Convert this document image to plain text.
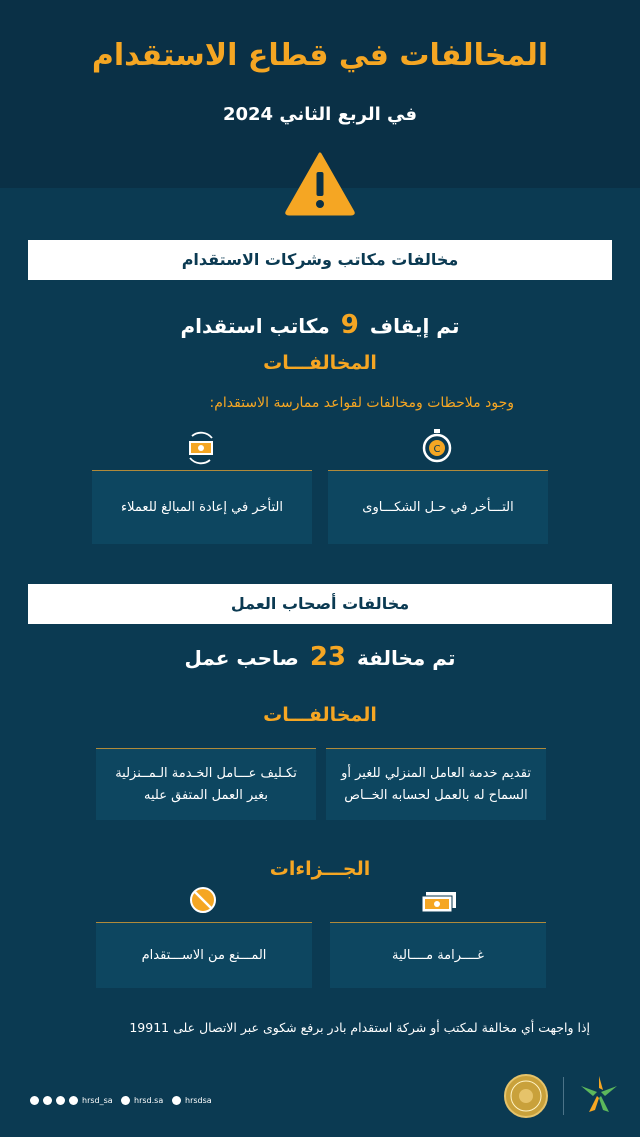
المخالفات في قطاع الاستقدام
في الربع الثاني 2024
مخالفات مكاتب وشركات الاستقدام
تم إيقاف 9 مكاتب استقدام
المخالفـــات
وجود ملاحظات ومخالفات لقواعد ممارسة الاستقدام:
C
التـــأخر في حـل الشكـــاوى
التأخر في إعادة المبالغ للعملاء
مخالفات أصحاب العمل
تم مخالفة 23 صاحب عمل
المخالفـــات
تقديم خدمة العامل المنزلي للغير أو
السماح له بالعمل لحسابه الخــاص
تكـليف عـــامل الخـدمة الـمــنزلية
بغير العمل المتفق عليه
الجـــزاءات
غــــرامة مــــالية
المـــنع من الاســـتقدام
إذا واجهت أي مخالفة لمكتب أو شركة استقدام بادر برفع شكوى عبر الاتصال على 19911
hrsd_sa	hrsd.sa	hrsdsa
